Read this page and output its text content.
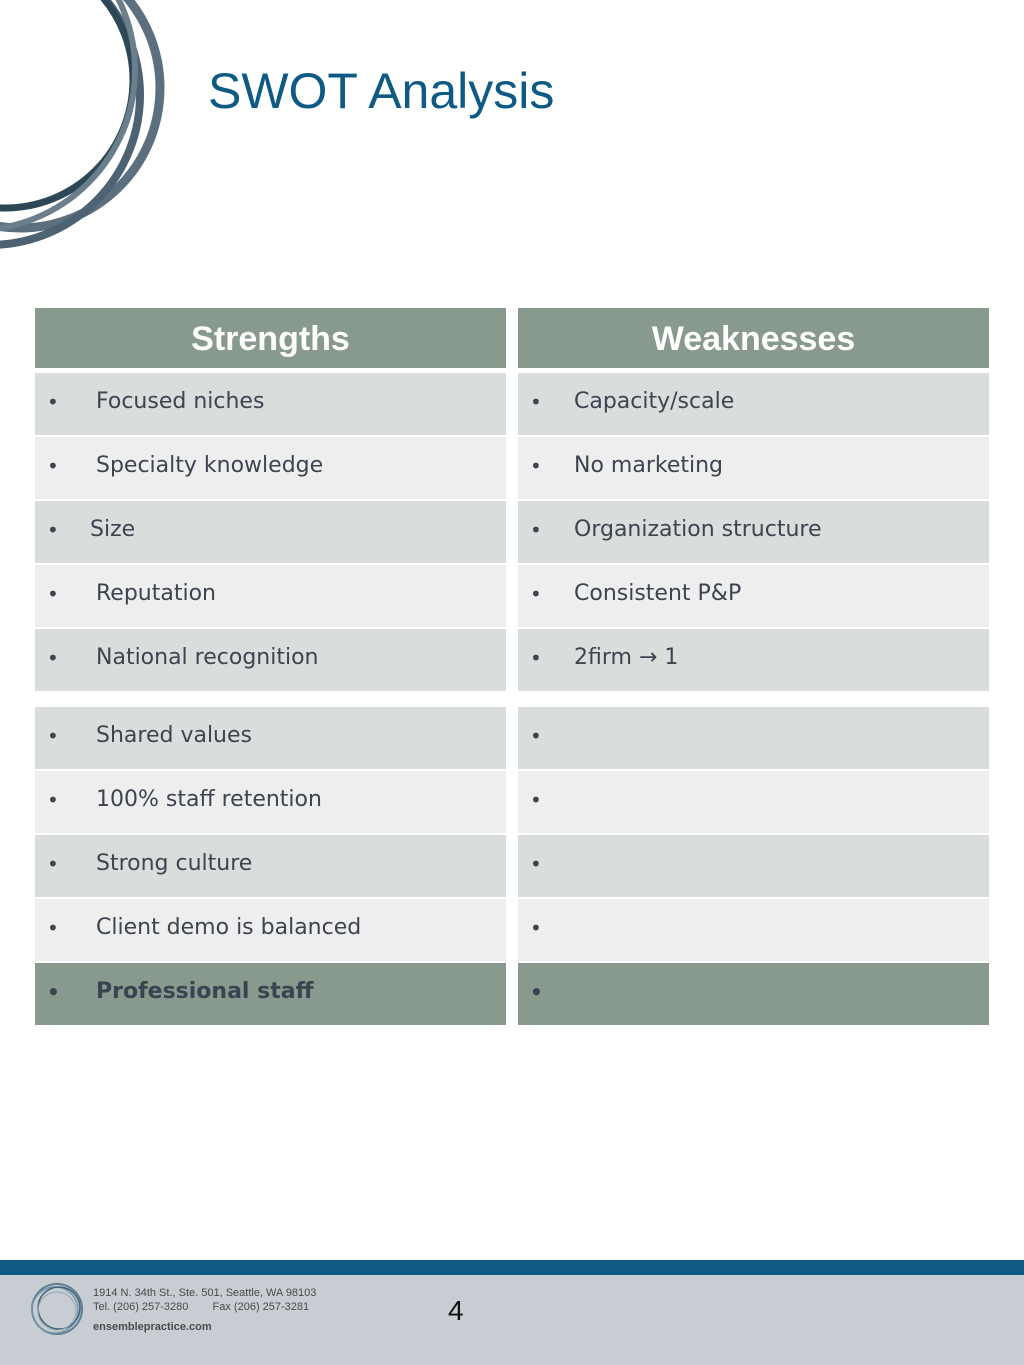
SWOT Analysis
Strengths
• Focused niches
• Specialty knowledge
• Size
• Reputation
• National recognition
• Shared values
• 100% staff retention
• Strong culture
• Client demo is balanced
• Professional staff
Weaknesses
• Capacity/scale
• No marketing
• Organization structure
• Consistent P&P
• 2firm → 1
•
•
•
•
•
1914 N. 34th St., Ste. 501, Seattle, WA 98103
Tel. (206) 257-3280 Fax (206) 257-3281
ensemblepractice.com
4
